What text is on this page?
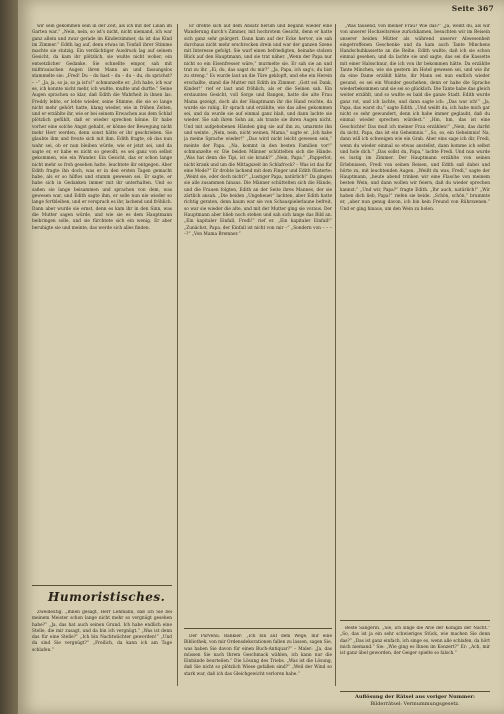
Seite 367

wir sein gekommen sein in der Zeit, als ich mit der Lilian im Garten war.“ „Nein, nein, so ist's nicht, nicht niemand, ich war ganz allein und zwar gerade im Kinderzimmer, da ist das Kind im Zimmer.“ Edith lag auf, denn etwas im Tonfall ihrer Stimme machte sie stutzig. Ein verdächtiger Ausdruck lag auf seinem Gesicht, da kam ihr plötzlich, sie wußte nicht woher, ein entsetzlicher Gedanke. Sie schnellte empor, sah mit mißtrauischen Augen ihren Mann an und fassungslos stammelte sie: „Fred! Du – du hast – du – du – du, du sprichst? – –“ „Ja, ja, so ja, so ja ist's!“ schmunzelte er. „Ich habe, ich war es, ich konnte nicht mehr, ich wußte, mußte und durfte.“ Seine Augen sprachen so klar, daß Edith die Wahrheit in ihnen las. Freddy lebte, er lebte wieder, seine Stimme, die sie so lange nicht mehr gehört hatte, klang wieder, wie in frühen Zeiten, und er erzählte ihr, wie er bei seinem Erwachen aus dem Schlaf plötzlich gefühlt, daß er wieder sprechen könne. Er habe vorher eine solche Angst gehabt, er könne der Bewegung nicht mehr Herr werden, denn sonst hätte er ihr geschrieben. Sie glaubte ihm und freute sich mit ihm. Edith fragte, ob das nun wahr sei, ob er nun bleiben würde, wie er jetzt sei, und da sagte er, er habe es nicht so gewollt, es sei ganz von selbst gekommen, wie ein Wunder. Ein Gesicht, das er schon lange nicht mehr so froh gesehen hatte, leuchtete ihr entgegen. Aber Edith fragte ihn doch, was er in den ersten Tagen gemacht habe, als er so hilflos und stumm gewesen sei. Er sagte, er habe sich in Gedanken immer mit ihr unterhalten. Und so saßen sie lange beisammen und sprachen von dem, was gewesen war, und Edith sagte ihm, er solle nun nie wieder so lange fortbleiben, und er versprach es ihr, lachend und fröhlich. Dann aber wurde sie ernst, denn es kam ihr in den Sinn, was die Mutter sagen würde, und wie sie es dem Hauptmann beibringen solle, und sie fürchtete sich ein wenig. Er aber beruhigte sie und meinte, das werde sich alles finden.

Er drehte sich auf dem Absatz herum und begann wieder eine Wanderung durch's Zimmer, mit hochrotem Gesicht, denn er hatte sich ganz sehr geärgert. Dann kam auf der Ecke hervor, sie sah durchaus nicht mehr erschrocken drein und war der ganzen Szene mit Interesse gefolgt. Sie warf einen befriedigten, beinahe stolzen Blick auf den Hauptmann, und sie trat näher. „Wenn der Papa nur nicht so ein Eisenfresser wäre,“ murmelte sie. Er sah sie an und trat zu ihr. „Ei, du, das sagst du mir?“ „Ja, Papa, ich sag's, du bist zu streng.“ Es wurde laut an die Türe geklopft, und ehe ein Herein erschallte, stand die Mutter mit Edith im Zimmer. „Gott sei Dank, Kinder!“ rief er laut und fröhlich, als er die Seinen sah. Ein erstauntes Gesicht, voll Sorge und Bangen, hatte die alte Frau Mama gezeigt, doch als der Hauptmann ihr die Hand reichte, da wurde sie ruhig. Er sprach und erzählte, wie das alles gekommen sei, und da wurde sie auf einmal ganz blaß, und dann lachte sie wieder. Sie sah ihren Sohn an, als traute sie ihren Augen nicht. Und mit aufgehobenen Händen ging sie auf ihn zu, umarmte ihn und weinte. „Nein, nein, nicht weinen, Mama,“ sagte er. „Ich habe ja meine Sprache wieder!“ „Das wird nicht leicht gewesen sein,“ meinte der Papa. „Na, kommt in den besten Familien vor!“ schmunzelte er. Die beiden Männer schüttelten sich die Hände. „Was hat denn die Tipi, ist sie krank?“ „Nein, Papa.“ „Papperlot, nicht krank und um die Mittagszeit im Schlafrock? – Was ist das für eine Mode?“ Er drohte lachend mit dem Finger und Edith flüsterte: „Weint sie, oder doch nicht?“ „Lustiger Papa, natürlich!“ Da gingen sie alle zusammen hinaus. Die Männer schüttelten sich die Hände, und die Frauen folgten, Edith an der Seite ihres Mannes, der sie zärtlich ansah. „Die beiden „Ungeheuer“ lachten, aber Edith hatte richtig geraten, denn kaum war sie von Schauspielerlaune befreit, so war sie wieder die alte, und mit der Mutter ging sie voraus. Der Hauptmann aber blieb noch stehen und sah sich lange das Bild an. „Ein kapitaler Einfall, Fredi!“ rief er. „Ein kapitaler Einfall!“ „Zunächst, Papa, der Einfall ist nicht von mir –“ „Sondern von – – – –?“ „Von Mama Bremner.“

„Was tausend, von meiner Frau? Wie das?“ „Ja, weißt du, als wir von unserer Hochzeitsreise zurückkamen, besuchten wir im Beisein unserer beiden Mütter als während unserer Abwesenheit eingetroffenen Geschenke und da kam auch Tante Minchens Handschuhkassette an die Reihe. Edith wußte, daß ich sie schon einmal gesehen, und da lachte sie und sagte, das sei die Kassette mit einer Halsschnur, die ich von ihr bekommen hätte. Da erzählte Tante Minchen, wie sie gestern im Hotel gewesen sei, und wie ihr da eine Dame erzählt hätte, ihr Mann sei nun endlich wieder gesund, es sei ein Wunder geschehen, denn er habe die Sprache wiederbekommen und sie sei so glücklich. Die Tante habe das gleich weiter erzählt, und so wußte es bald die ganze Stadt. Edith wurde ganz rot, und ich lachte, und dann sagte ich: „Das war ich!“ „Ja, Papa, das warst du,“ sagte Edith. „Und weißt du, ich habe mich gar nicht so sehr gewundert, denn ich habe immer geglaubt, daß du einmal wieder sprechen würdest.“ „Hm, hm, das ist eine Geschichte! Das muß ich meiner Frau erzählen!“ „Nein, das darfst du nicht, Papa, das ist ein Geheimnis.“ „So, so, ein Geheimnis! Na, dann will ich schweigen wie ein Grab. Aber eins sage ich dir, Fredi, wenn du wieder einmal so etwas anstellst, dann komme ich selbst und hole dich.“ „Das sollst du, Papa,“ lachte Fredi. Und nun wurde es lustig im Zimmer. Der Hauptmann erzählte von seinen Erlebnissen, Fredi von seinen Reisen, und Edith saß dabei und hörte zu, mit leuchtenden Augen. „Weißt du was, Fredi,“ sagte der Hauptmann, „heute abend trinken wir eine Flasche von meinem besten Wein, und dann wollen wir feiern, daß du wieder sprechen kannst.“ „Und wir, Papa?“ fragte Edith. „Ihr auch, natürlich!“ „Wir haben dich lieb, Papa!“ riefen sie beide. „Schön, schön,“ brummte er, „aber nun genug davon, ich bin kein Freund von Rührszenen.“ Und er ging hinaus, um den Wein zu holen.

Humoristisches.

Zweideutig. „Ihnen gesagt, Herr Lehmann, daß ich Sie bei meinem Meister schon lange nicht mehr so vergnügt gesehen habe?“ „Ja, das hat auch seinen Grund. Ich habe endlich eine Stelle, die mir zusagt, und da bin ich vergnügt.“ „Was ist denn das für eine Stelle?“ „Ich bin Nachtwächter geworden!“ „Und da sind Sie vergnügt?“ „Freilich, da kann ich am Tage schlafen.“

Der Parvenü. Bankier: „Ich bin auf dem Wege, mir eine Bibliothek, von mir Ordensdekorationen fallen zu lassen, sagen Sie, was haben Sie davon für einen Buch-Antiquar?“ – Maler: „Ja, das müssen Sie nach Ihrem Geschmack wählen, ich kann nur die Einbände beurteilen.“ Die Lösung des Triebs. „Was ist die Lösung, daß Sie nicht so plötzlich Wiese gefallen sind?“ „Weil der Wind so stark war, daß ich das Gleichgewicht verloren habe.“

Beste Sängerin. „Sie, ich singe die Arie der Königin der Nacht.“ „So, das ist ja ein sehr schwieriges Stück, wie machen Sie denn das?“ „Das ist ganz einfach, ich singe es, wenn alle schlafen, da hört mich niemand.“ Sie: „Wie ging es Ihnen im Konzert?“ Er: „Ach, mir ist ganz übel geworden, der Geiger spielte so falsch.“

Auflösung der Rätsel aus voriger Nummer:
Bilderrätsel: Vermummungsgesetz.
